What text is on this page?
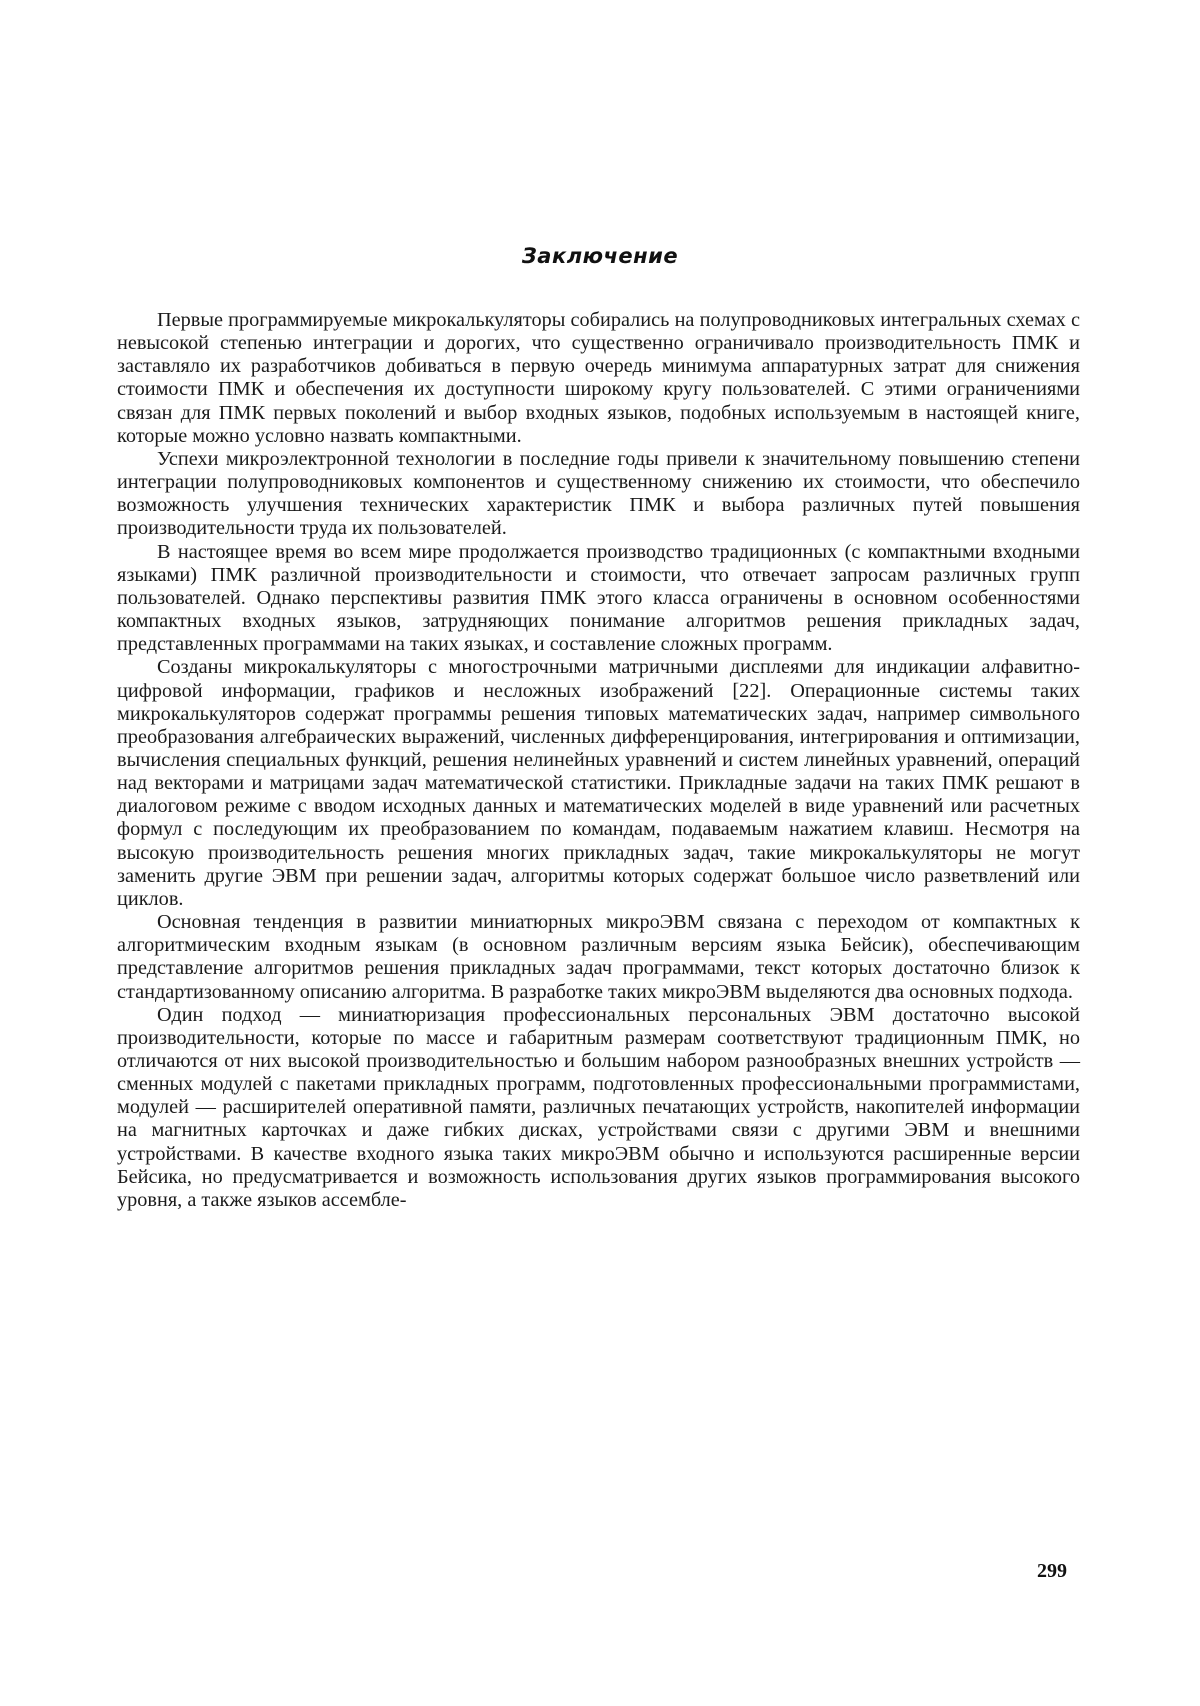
Заключение

Первые программируемые микрокалькуляторы собирались на полупроводниковых интегральных схемах с невысокой степенью интеграции и дорогих, что существенно ограничивало производительность ПМК и заставляло их разработчиков добиваться в первую очередь минимума аппаратурных затрат для снижения стоимости ПМК и обеспечения их доступности широкому кругу пользователей. С этими ограничениями связан для ПМК первых поколений и выбор входных языков, подобных используемым в настоящей книге, которые можно условно назвать компактными.

Успехи микроэлектронной технологии в последние годы привели к значительному повышению степени интеграции полупроводниковых компонентов и существенному снижению их стоимости, что обеспечило возможность улучшения технических характеристик ПМК и выбора различных путей повышения производительности труда их пользователей.

В настоящее время во всем мире продолжается производство традиционных (с компактными входными языками) ПМК различной производительности и стоимости, что отвечает запросам различных групп пользователей. Однако перспективы развития ПМК этого класса ограничены в основном особенностями компактных входных языков, затрудняющих понимание алгоритмов решения прикладных задач, представленных программами на таких языках, и составление сложных программ.

Созданы микрокалькуляторы с многострочными матричными дисплеями для индикации алфавитно-цифровой информации, графиков и несложных изображений [22]. Операционные системы таких микрокалькуляторов содержат программы решения типовых математических задач, например символьного преобразования алгебраических выражений, численных дифференцирования, интегрирования и оптимизации, вычисления специальных функций, решения нелинейных уравнений и систем линейных уравнений, операций над векторами и матрицами задач математической статистики. Прикладные задачи на таких ПМК решают в диалоговом режиме с вводом исходных данных и математических моделей в виде уравнений или расчетных формул с последующим их преобразованием по командам, подаваемым нажатием клавиш. Несмотря на высокую производительность решения многих прикладных задач, такие микрокалькуляторы не могут заменить другие ЭВМ при решении задач, алгоритмы которых содержат большое число разветвлений или циклов.

Основная тенденция в развитии миниатюрных микроЭВМ связана с переходом от компактных к алгоритмическим входным языкам (в основном различным версиям языка Бейсик), обеспечивающим представление алгоритмов решения прикладных задач программами, текст которых достаточно близок к стандартизованному описанию алгоритма. В разработке таких микроЭВМ выделяются два основных подхода.

Один подход — миниатюризация профессиональных персональных ЭВМ достаточно высокой производительности, которые по массе и габаритным размерам соответствуют традиционным ПМК, но отличаются от них высокой производительностью и большим набором разнообразных внешних устройств — сменных модулей с пакетами прикладных программ, подготовленных профессиональными программистами, модулей — расширителей оперативной памяти, различных печатающих устройств, накопителей информации на магнитных карточках и даже гибких дисках, устройствами связи с другими ЭВМ и внешними устройствами. В качестве входного языка таких микроЭВМ обычно и используются расширенные версии Бейсика, но предусматривается и возможность использования других языков программирования высокого уровня, а также языков ассембле-

299
